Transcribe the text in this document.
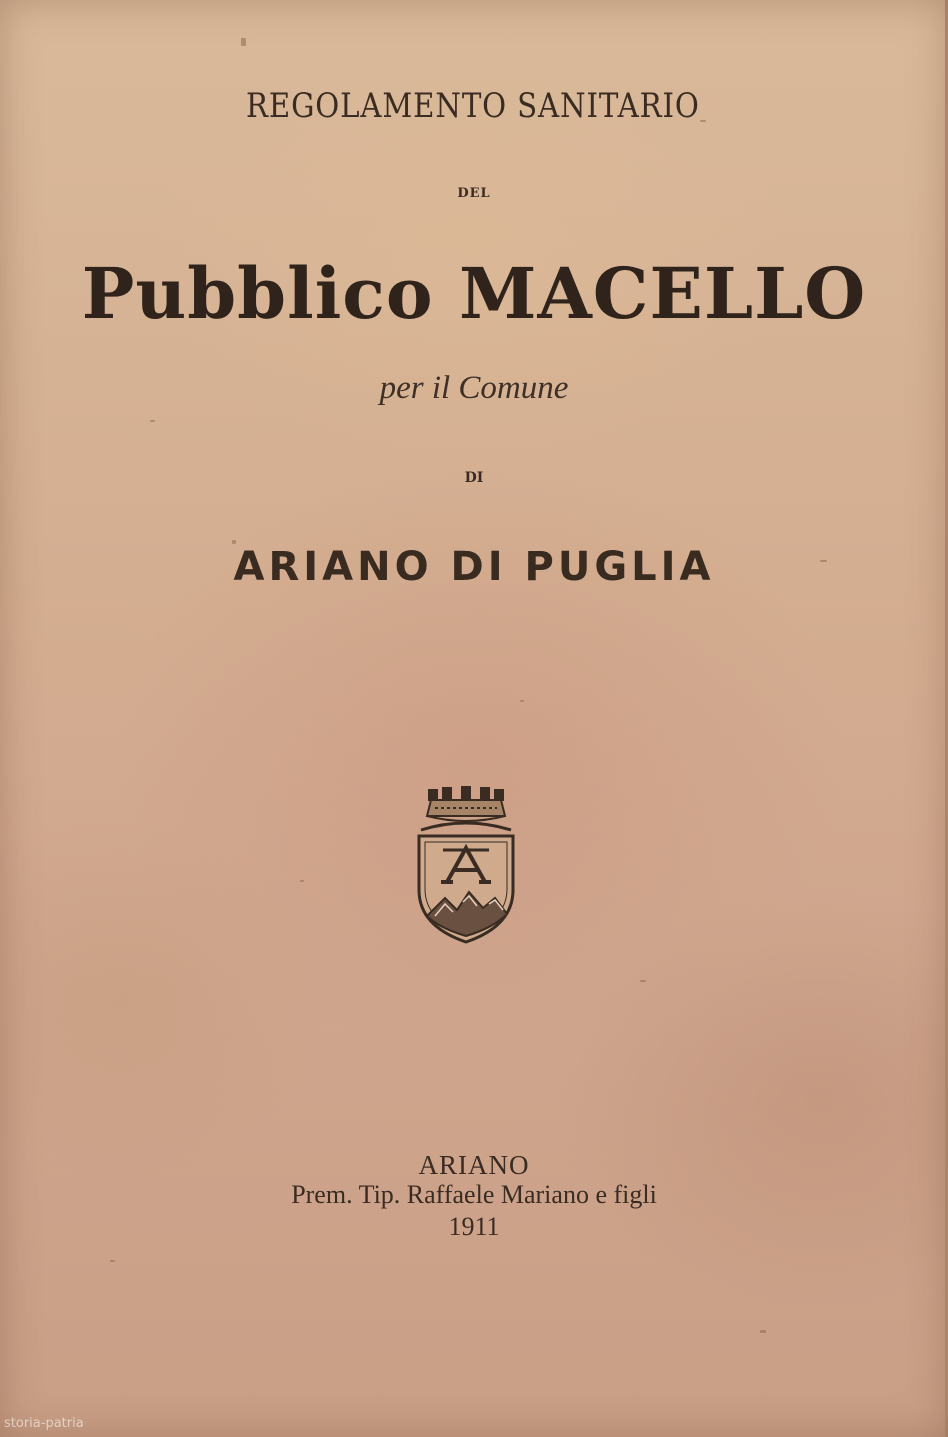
REGOLAMENTO SANITARIO
DEL
Pubblico MACELLO
per il Comune
DI
ARIANO DI PUGLIA
ARIANO
Prem. Tip. Raffaele Mariano e figli
1911
storia-patria
